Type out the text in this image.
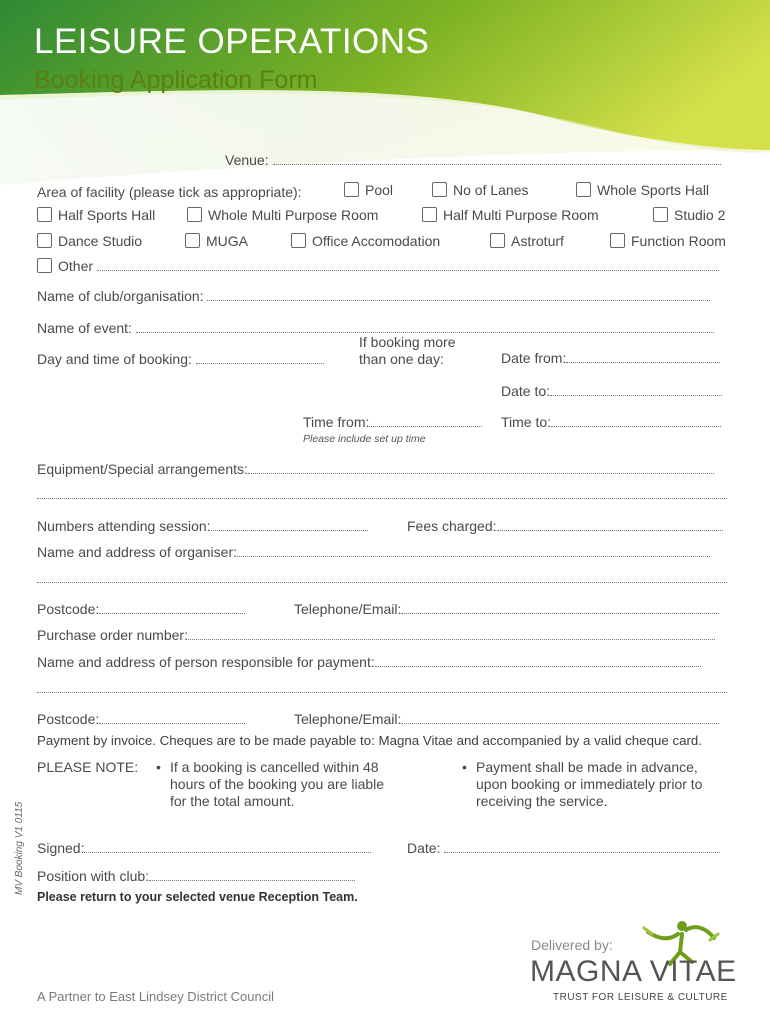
LEISURE OPERATIONS
Booking Application Form
Venue:
Area of facility (please tick as appropriate):	Pool	No of Lanes	Whole Sports Hall
Half Sports Hall	Whole Multi Purpose Room	Half Multi Purpose Room	Studio 2
Dance Studio	MUGA	Office Accomodation	Astroturf	Function Room
Other
Name of club/organisation:
Name of event:
Day and time of booking:
If booking more
than one day:	Date from:
Date to:
Time from:	Time to:
Please include set up time
Equipment/Special arrangements:
Numbers attending session:	Fees charged:
Name and address of organiser:
Postcode:	Telephone/Email:
Purchase order number:
Name and address of person responsible for payment:
Postcode:	Telephone/Email:
Payment by invoice. Cheques are to be made payable to: Magna Vitae and accompanied by a valid cheque card.
PLEASE NOTE: • If a booking is cancelled within 48 hours of the booking you are liable for the total amount.
• Payment shall be made in advance, upon booking or immediately prior to receiving the service.
Signed:	Date:
Position with club:
Please return to your selected venue Reception Team.
MV Booking V1 0115
A Partner to East Lindsey District Council
Delivered by:
MAGNA VITAE
TRUST FOR LEISURE & CULTURE
